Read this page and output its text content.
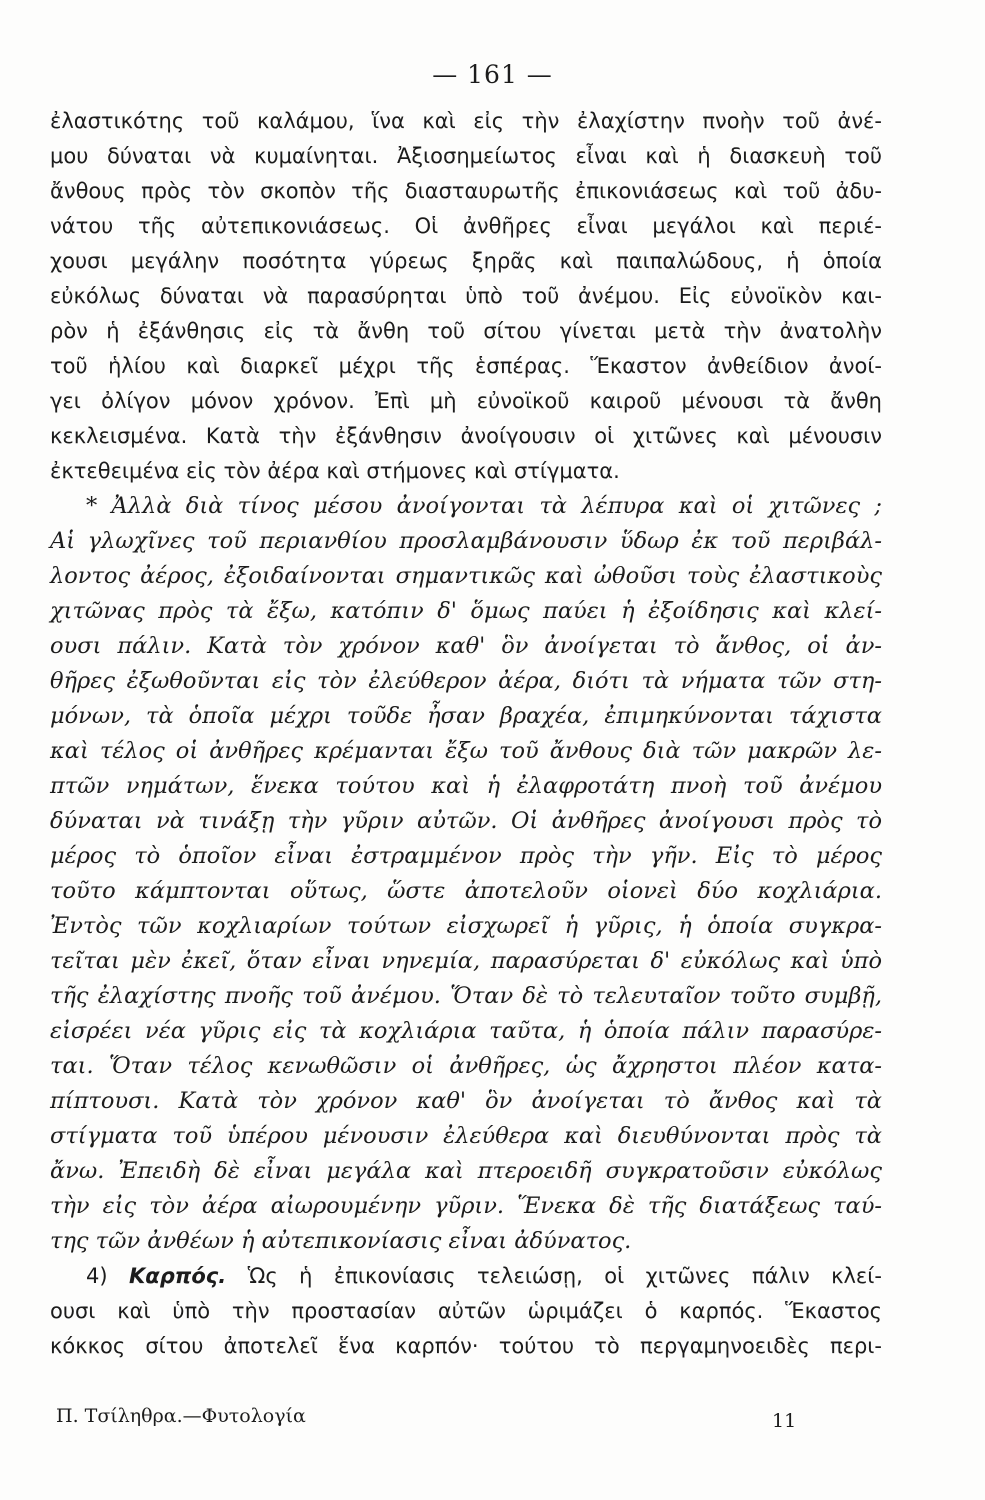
— 161 —
ἐλαστικότης τοῦ καλάμου, ἵνα καὶ εἰς τὴν ἐλαχίστην πνοὴν τοῦ ἀνέ-
μου δύναται νὰ κυμαίνηται. Ἀξιοσημείωτος εἶναι καὶ ἡ διασκευὴ τοῦ
ἄνθους πρὸς τὸν σκοπὸν τῆς διασταυρωτῆς ἐπικονιάσεως καὶ τοῦ ἀδυ-
νάτου τῆς αὐτεπικονιάσεως. Οἱ ἀνθῆρες εἶναι μεγάλοι καὶ περιέ-
χουσι μεγάλην ποσότητα γύρεως ξηρᾶς καὶ παιπαλώδους, ἡ ὁποία
εὐκόλως δύναται νὰ παρασύρηται ὑπὸ τοῦ ἀνέμου. Εἰς εὐνοϊκὸν και-
ρὸν ἡ ἐξάνθησις εἰς τὰ ἄνθη τοῦ σίτου γίνεται μετὰ τὴν ἀνατολὴν
τοῦ ἡλίου καὶ διαρκεῖ μέχρι τῆς ἑσπέρας. Ἕκαστον ἀνθείδιον ἀνοί-
γει ὀλίγον μόνον χρόνον. Ἐπὶ μὴ εὐνοϊκοῦ καιροῦ μένουσι τὰ ἄνθη
κεκλεισμένα. Κατὰ τὴν ἐξάνθησιν ἀνοίγουσιν οἱ χιτῶνες καὶ μένουσιν
ἐκτεθειμένα εἰς τὸν ἀέρα καὶ στήμονες καὶ στίγματα.
* Ἀλλὰ διὰ τίνος μέσου ἀνοίγονται τὰ λέπυρα καὶ οἱ χιτῶνες ;
Αἱ γλωχῖνες τοῦ περιανθίου προσλαμβάνουσιν ὕδωρ ἐκ τοῦ περιβάλ-
λοντος ἀέρος, ἐξοιδαίνονται σημαντικῶς καὶ ὠθοῦσι τοὺς ἐλαστικοὺς
χιτῶνας πρὸς τὰ ἔξω, κατόπιν δ' ὅμως παύει ἡ ἐξοίδησις καὶ κλεί-
ουσι πάλιν. Κατὰ τὸν χρόνον καθ' ὃν ἀνοίγεται τὸ ἄνθος, οἱ ἀν-
θῆρες ἐξωθοῦνται εἰς τὸν ἐλεύθερον ἀέρα, διότι τὰ νήματα τῶν στη-
μόνων, τὰ ὁποῖα μέχρι τοῦδε ἦσαν βραχέα, ἐπιμηκύνονται τάχιστα
καὶ τέλος οἱ ἀνθῆρες κρέμανται ἔξω τοῦ ἄνθους διὰ τῶν μακρῶν λε-
πτῶν νημάτων, ἕνεκα τούτου καὶ ἡ ἐλαφροτάτη πνοὴ τοῦ ἀνέμου
δύναται νὰ τινάξῃ τὴν γῦριν αὐτῶν. Οἱ ἀνθῆρες ἀνοίγουσι πρὸς τὸ
μέρος τὸ ὁποῖον εἶναι ἐστραμμένον πρὸς τὴν γῆν. Εἰς τὸ μέρος
τοῦτο κάμπτονται οὕτως, ὥστε ἀποτελοῦν οἱονεὶ δύο κοχλιάρια.
Ἐντὸς τῶν κοχλιαρίων τούτων εἰσχωρεῖ ἡ γῦρις, ἡ ὁποία συγκρα-
τεῖται μὲν ἐκεῖ, ὅταν εἶναι νηνεμία, παρασύρεται δ' εὐκόλως καὶ ὑπὸ
τῆς ἐλαχίστης πνοῆς τοῦ ἀνέμου. Ὅταν δὲ τὸ τελευταῖον τοῦτο συμβῇ,
εἰσρέει νέα γῦρις εἰς τὰ κοχλιάρια ταῦτα, ἡ ὁποία πάλιν παρασύρε-
ται. Ὅταν τέλος κενωθῶσιν οἱ ἀνθῆρες, ὡς ἄχρηστοι πλέον κατα-
πίπτουσι. Κατὰ τὸν χρόνον καθ' ὃν ἀνοίγεται τὸ ἄνθος καὶ τὰ
στίγματα τοῦ ὑπέρου μένουσιν ἐλεύθερα καὶ διευθύνονται πρὸς τὰ
ἄνω. Ἐπειδὴ δὲ εἶναι μεγάλα καὶ πτεροειδῆ συγκρατοῦσιν εὐκόλως
τὴν εἰς τὸν ἀέρα αἰωρουμένην γῦριν. Ἕνεκα δὲ τῆς διατάξεως ταύ-
της τῶν ἀνθέων ἡ αὐτεπικονίασις εἶναι ἀδύνατος.
4) Καρπός. Ὡς ἡ ἐπικονίασις τελειώσῃ, οἱ χιτῶνες πάλιν κλεί-
ουσι καὶ ὑπὸ τὴν προστασίαν αὐτῶν ὡριμάζει ὁ καρπός. Ἕκαστος
κόκκος σίτου ἀποτελεῖ ἕνα καρπόν· τούτου τὸ περγαμηνοειδὲς περι-
Π. Τσίληθρα.—Φυτολογία	11
